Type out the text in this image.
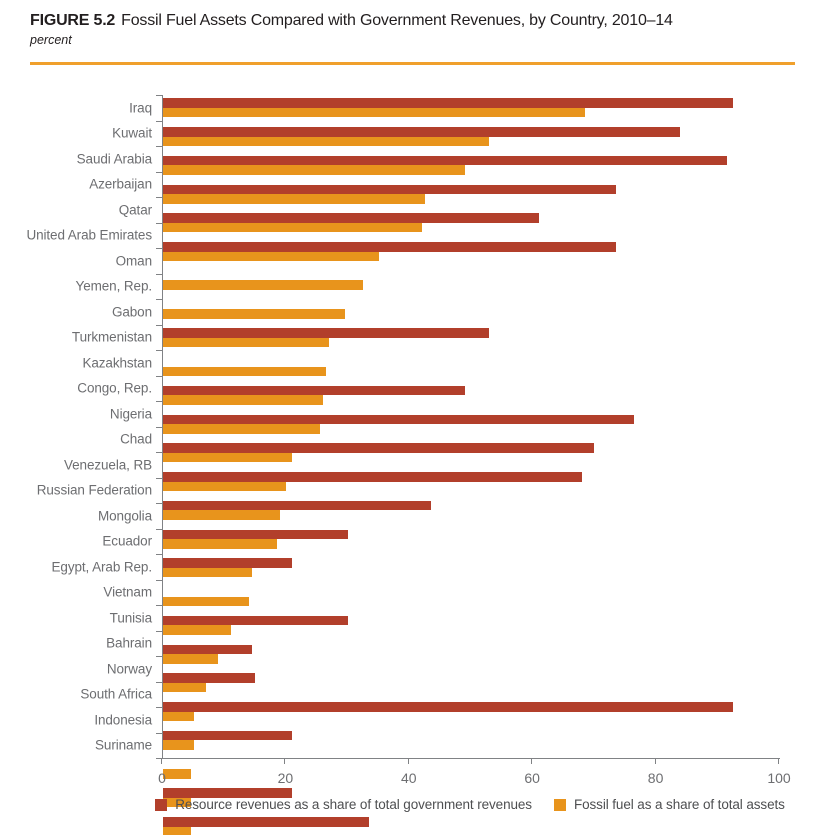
FIGURE 5.2 Fossil Fuel Assets Compared with Government Revenues, by Country, 2010–14
percent
Iraq
Kuwait
Saudi Arabia
Azerbaijan
Qatar
United Arab Emirates
Oman
Yemen, Rep.
Gabon
Turkmenistan
Kazakhstan
Congo, Rep.
Nigeria
Chad
Venezuela, RB
Russian Federation
Mongolia
Ecuador
Egypt, Arab Rep.
Vietnam
Tunisia
Bahrain
Norway
South Africa
Indonesia
Suriname
0	20	40	60	80	100
Resource revenues as a share of total government revenues	Fossil fuel as a share of total assets
